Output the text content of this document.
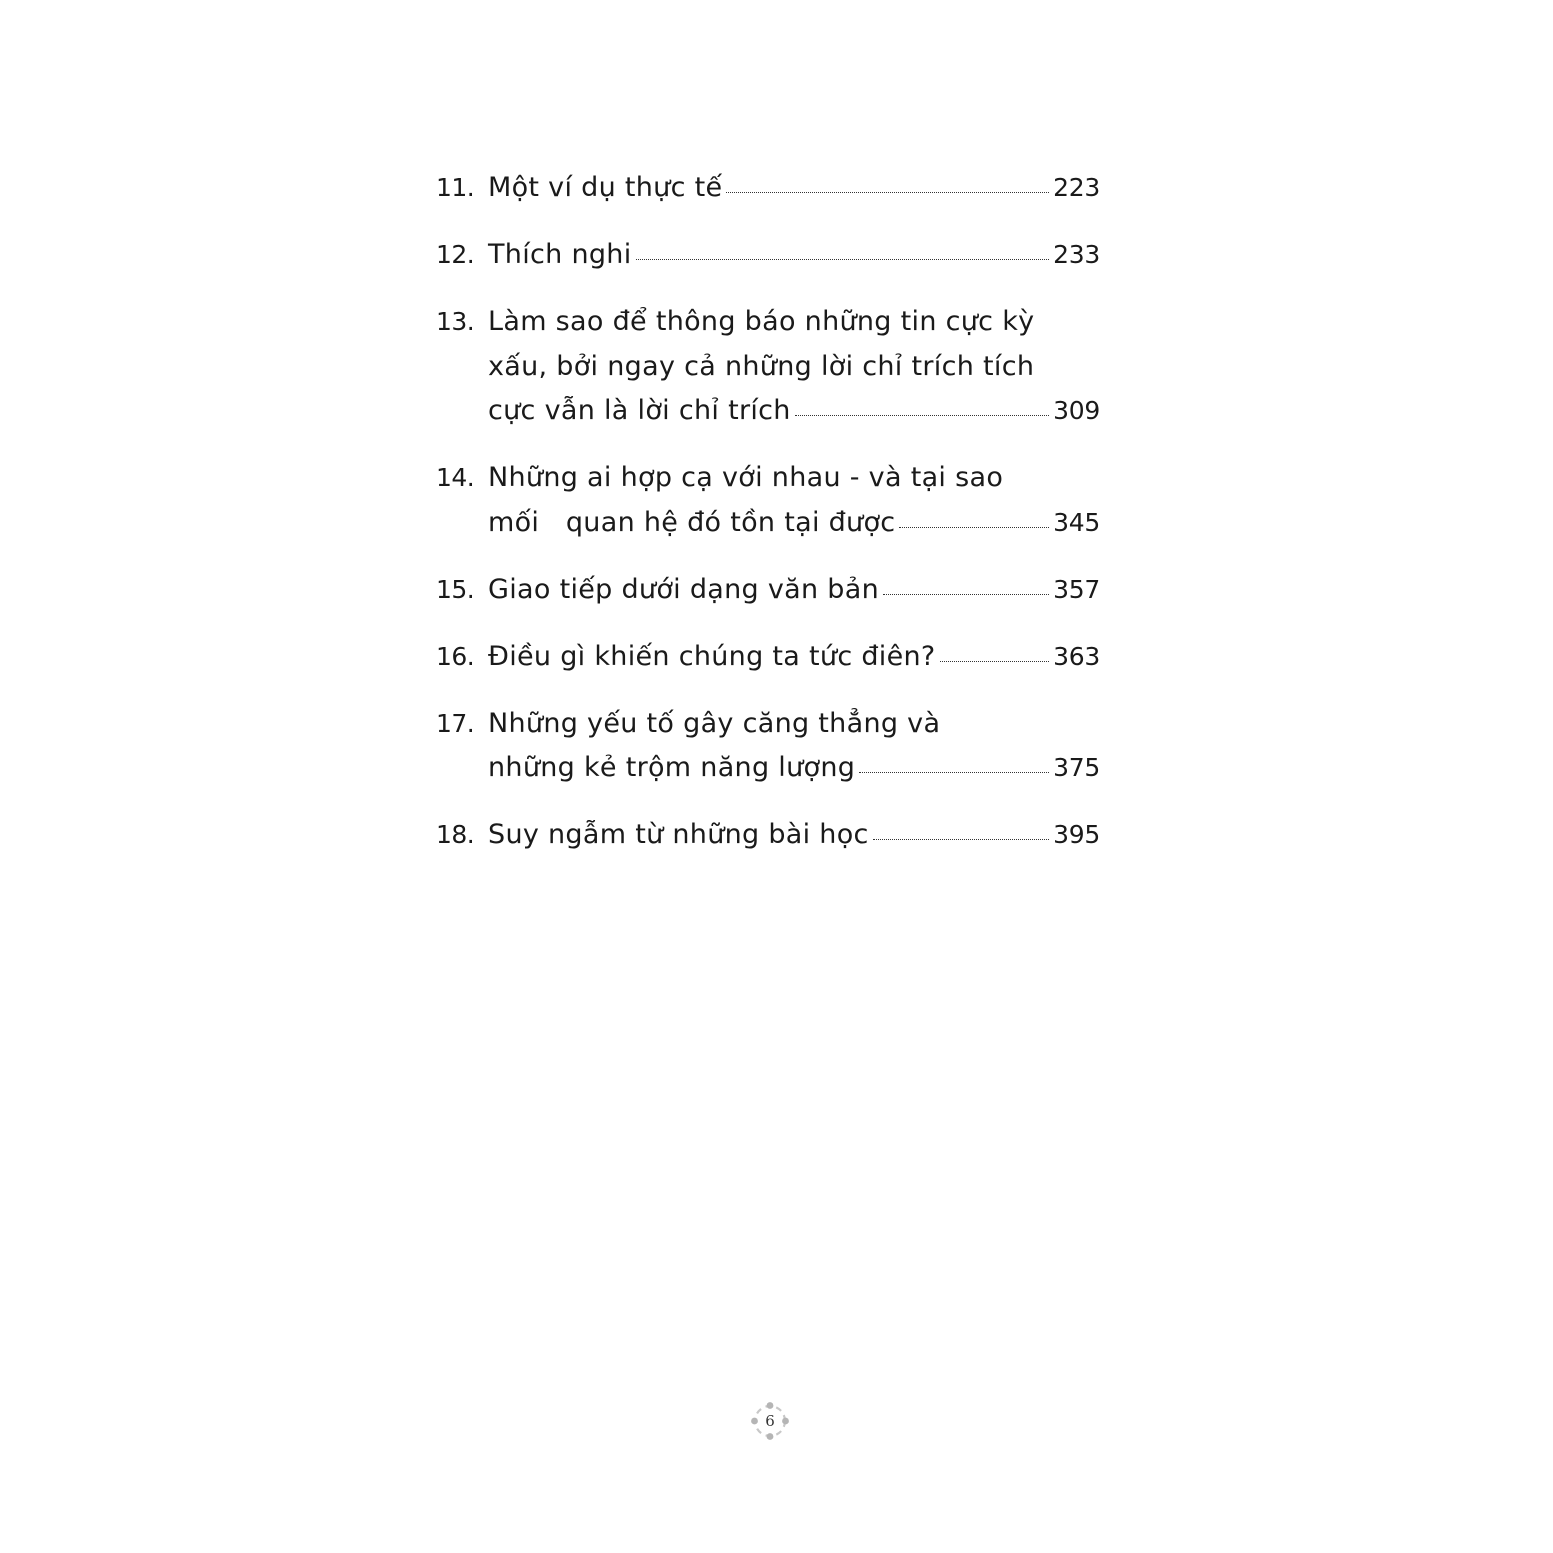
11. Một ví dụ thực tế	223
12. Thích nghi	233
13. Làm sao để thông báo những tin cực kỳ
xấu, bởi ngay cả những lời chỉ trích tích
cực vẫn là lời chỉ trích	309
14. Những ai hợp cạ với nhau - và tại sao
mối   quan hệ đó tồn tại được	345
15. Giao tiếp dưới dạng văn bản	357
16. Điều gì khiến chúng ta tức điên?	363
17. Những yếu tố gây căng thẳng và
những kẻ trộm năng lượng	375
18. Suy ngẫm từ những bài học	395
6
